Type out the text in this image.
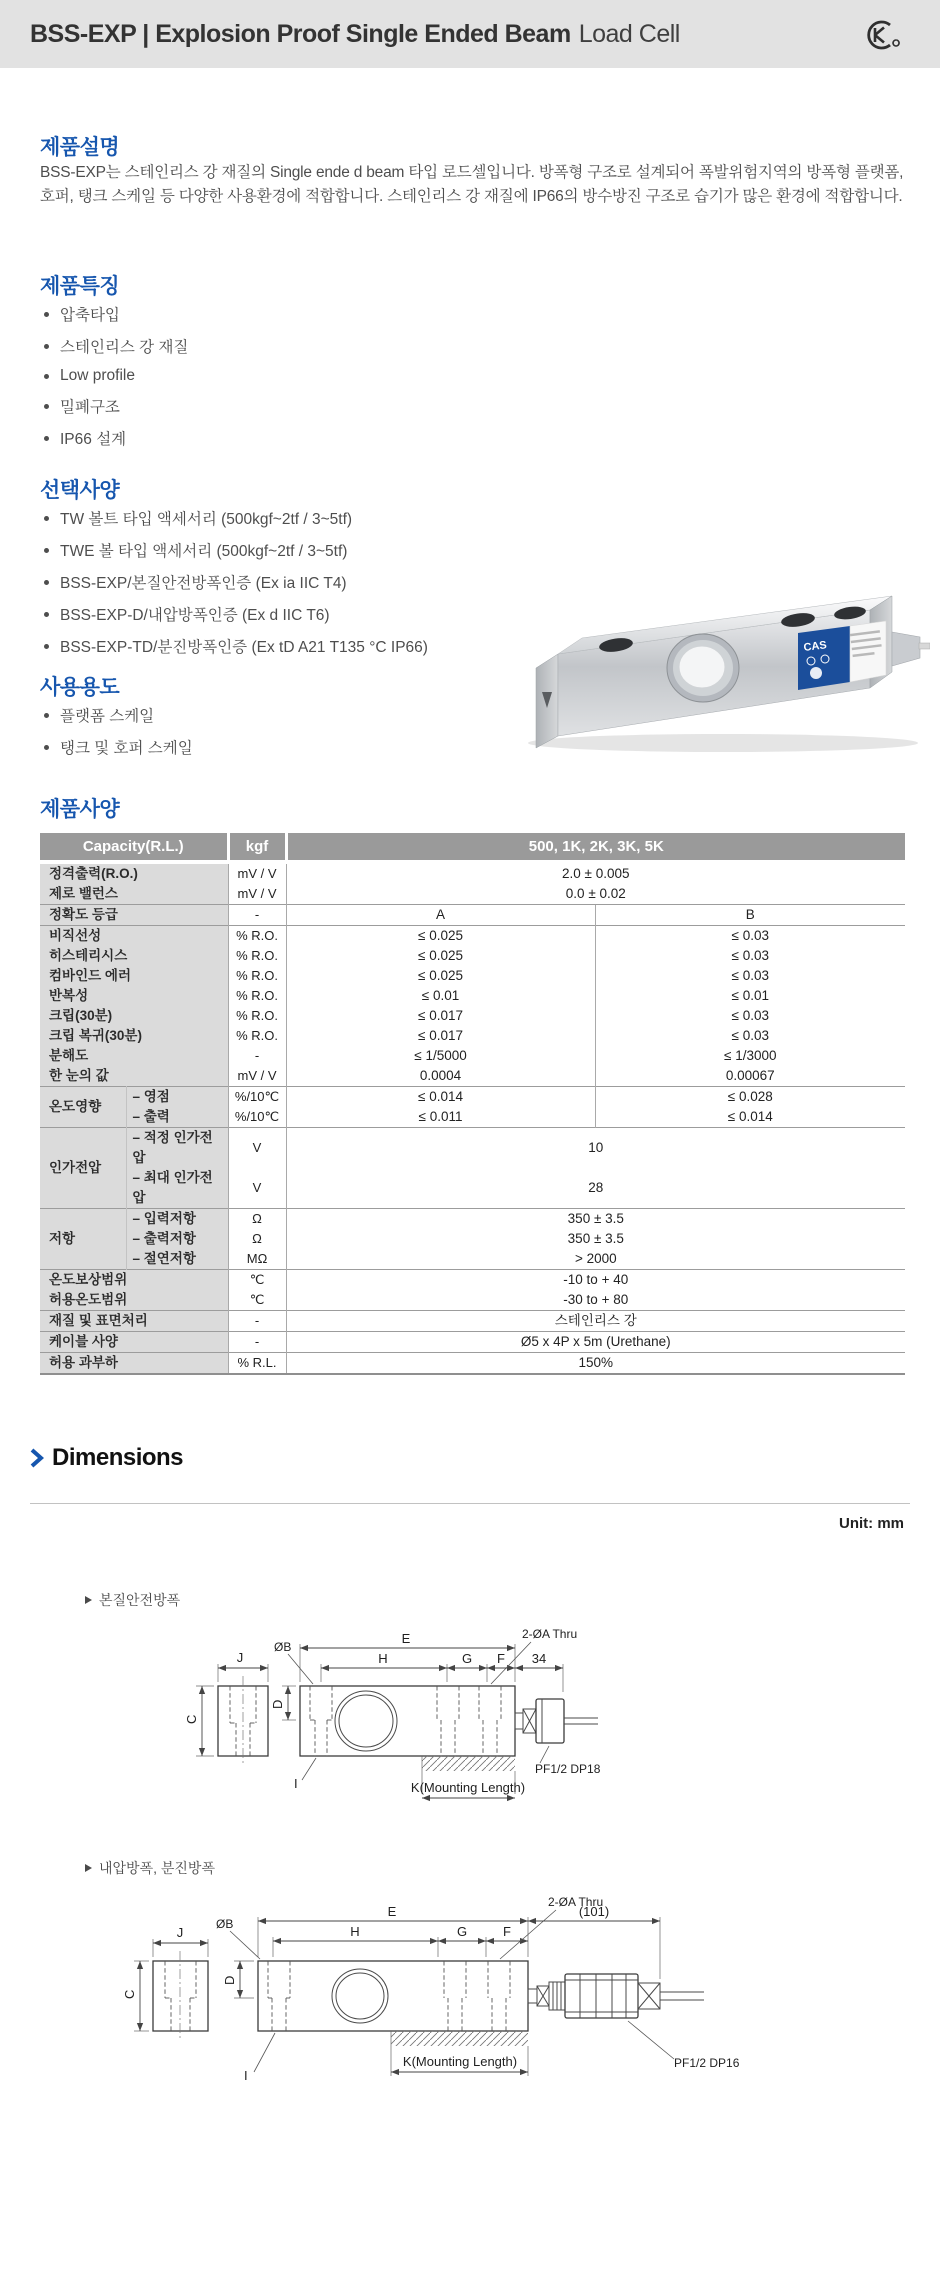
BSS-EXP | Explosion Proof Single Ended Beam Load Cell
제품설명
BSS-EXP는 스테인리스 강 재질의 Single ende d beam 타입 로드셀입니다. 방폭형 구조로 설계되어 폭발위험지역의 방폭형 플랫폼, 호퍼, 탱크 스케일 등 다양한 사용환경에 적합합니다. 스테인리스 강 재질에 IP66의 방수방진 구조로 습기가 많은 환경에 적합합니다.
제품특징
압축타입
스테인리스 강 재질
Low profile
밀폐구조
IP66 설계
선택사양
TW 볼트 타입 액세서리 (500kgf~2tf / 3~5tf)
TWE 볼 타입 액세서리 (500kgf~2tf / 3~5tf)
BSS-EXP/본질안전방폭인증 (Ex ia IIC T4)
BSS-EXP-D/내압방폭인증 (Ex d IIC T6)
BSS-EXP-TD/분진방폭인증 (Ex tD A21 T135 °C IP66)
사용용도
플랫폼 스케일
탱크 및 호퍼 스케일
CAS
제품사양
Capacity(R.L.)		kgf	500, 1K, 2K, 3K, 5K	
정격출력(R.O.)		mV / V	2.0 ± 0.005	
제로 밸런스		mV / V	0.0 ± 0.02	
정확도 등급		-	A	B
비직선성		% R.O.	≤ 0.025	≤ 0.03
히스테리시스		% R.O.	≤ 0.025	≤ 0.03
컴바인드 에러		% R.O.	≤ 0.025	≤ 0.03
반복성		% R.O.	≤ 0.01	≤ 0.01
크립(30분)		% R.O.	≤ 0.017	≤ 0.03
크립 복귀(30분)		% R.O.	≤ 0.017	≤ 0.03
분해도		-	≤ 1/5000	≤ 1/3000
한 눈의 값		mV / V	0.0004	0.00067
온도영향	– 영점	%/10℃	≤ 0.014	≤ 0.028
	– 출력	%/10℃	≤ 0.011	≤ 0.014
인가전압	– 적정 인가전압	V	10	
	– 최대 인가전압	V	28	
저항	– 입력저항	Ω	350 ± 3.5	
	– 출력저항	Ω	350 ± 3.5	
	– 절연저항	MΩ	> 2000	
온도보상범위		℃	-10 to + 40	
허용온도범위		℃	-30 to + 80	
재질 및 표면처리		-	스테인리스 강	
케이블 사양		-	Ø5 x 4P x 5m (Urethane)	
허용 과부하		% R.L.	150%	
Dimensions
Unit: mm
본질안전방폭
J
C
E
H	G F 34
2-ØA Thru
ØB
D
I
PF1/2 DP18
K(Mounting Length)
내압방폭, 분진방폭
J
C
E
H	G	F
2-ØA Thru
ØB
D
I
(101)
PF1/2 DP16
K(Mounting Length)
